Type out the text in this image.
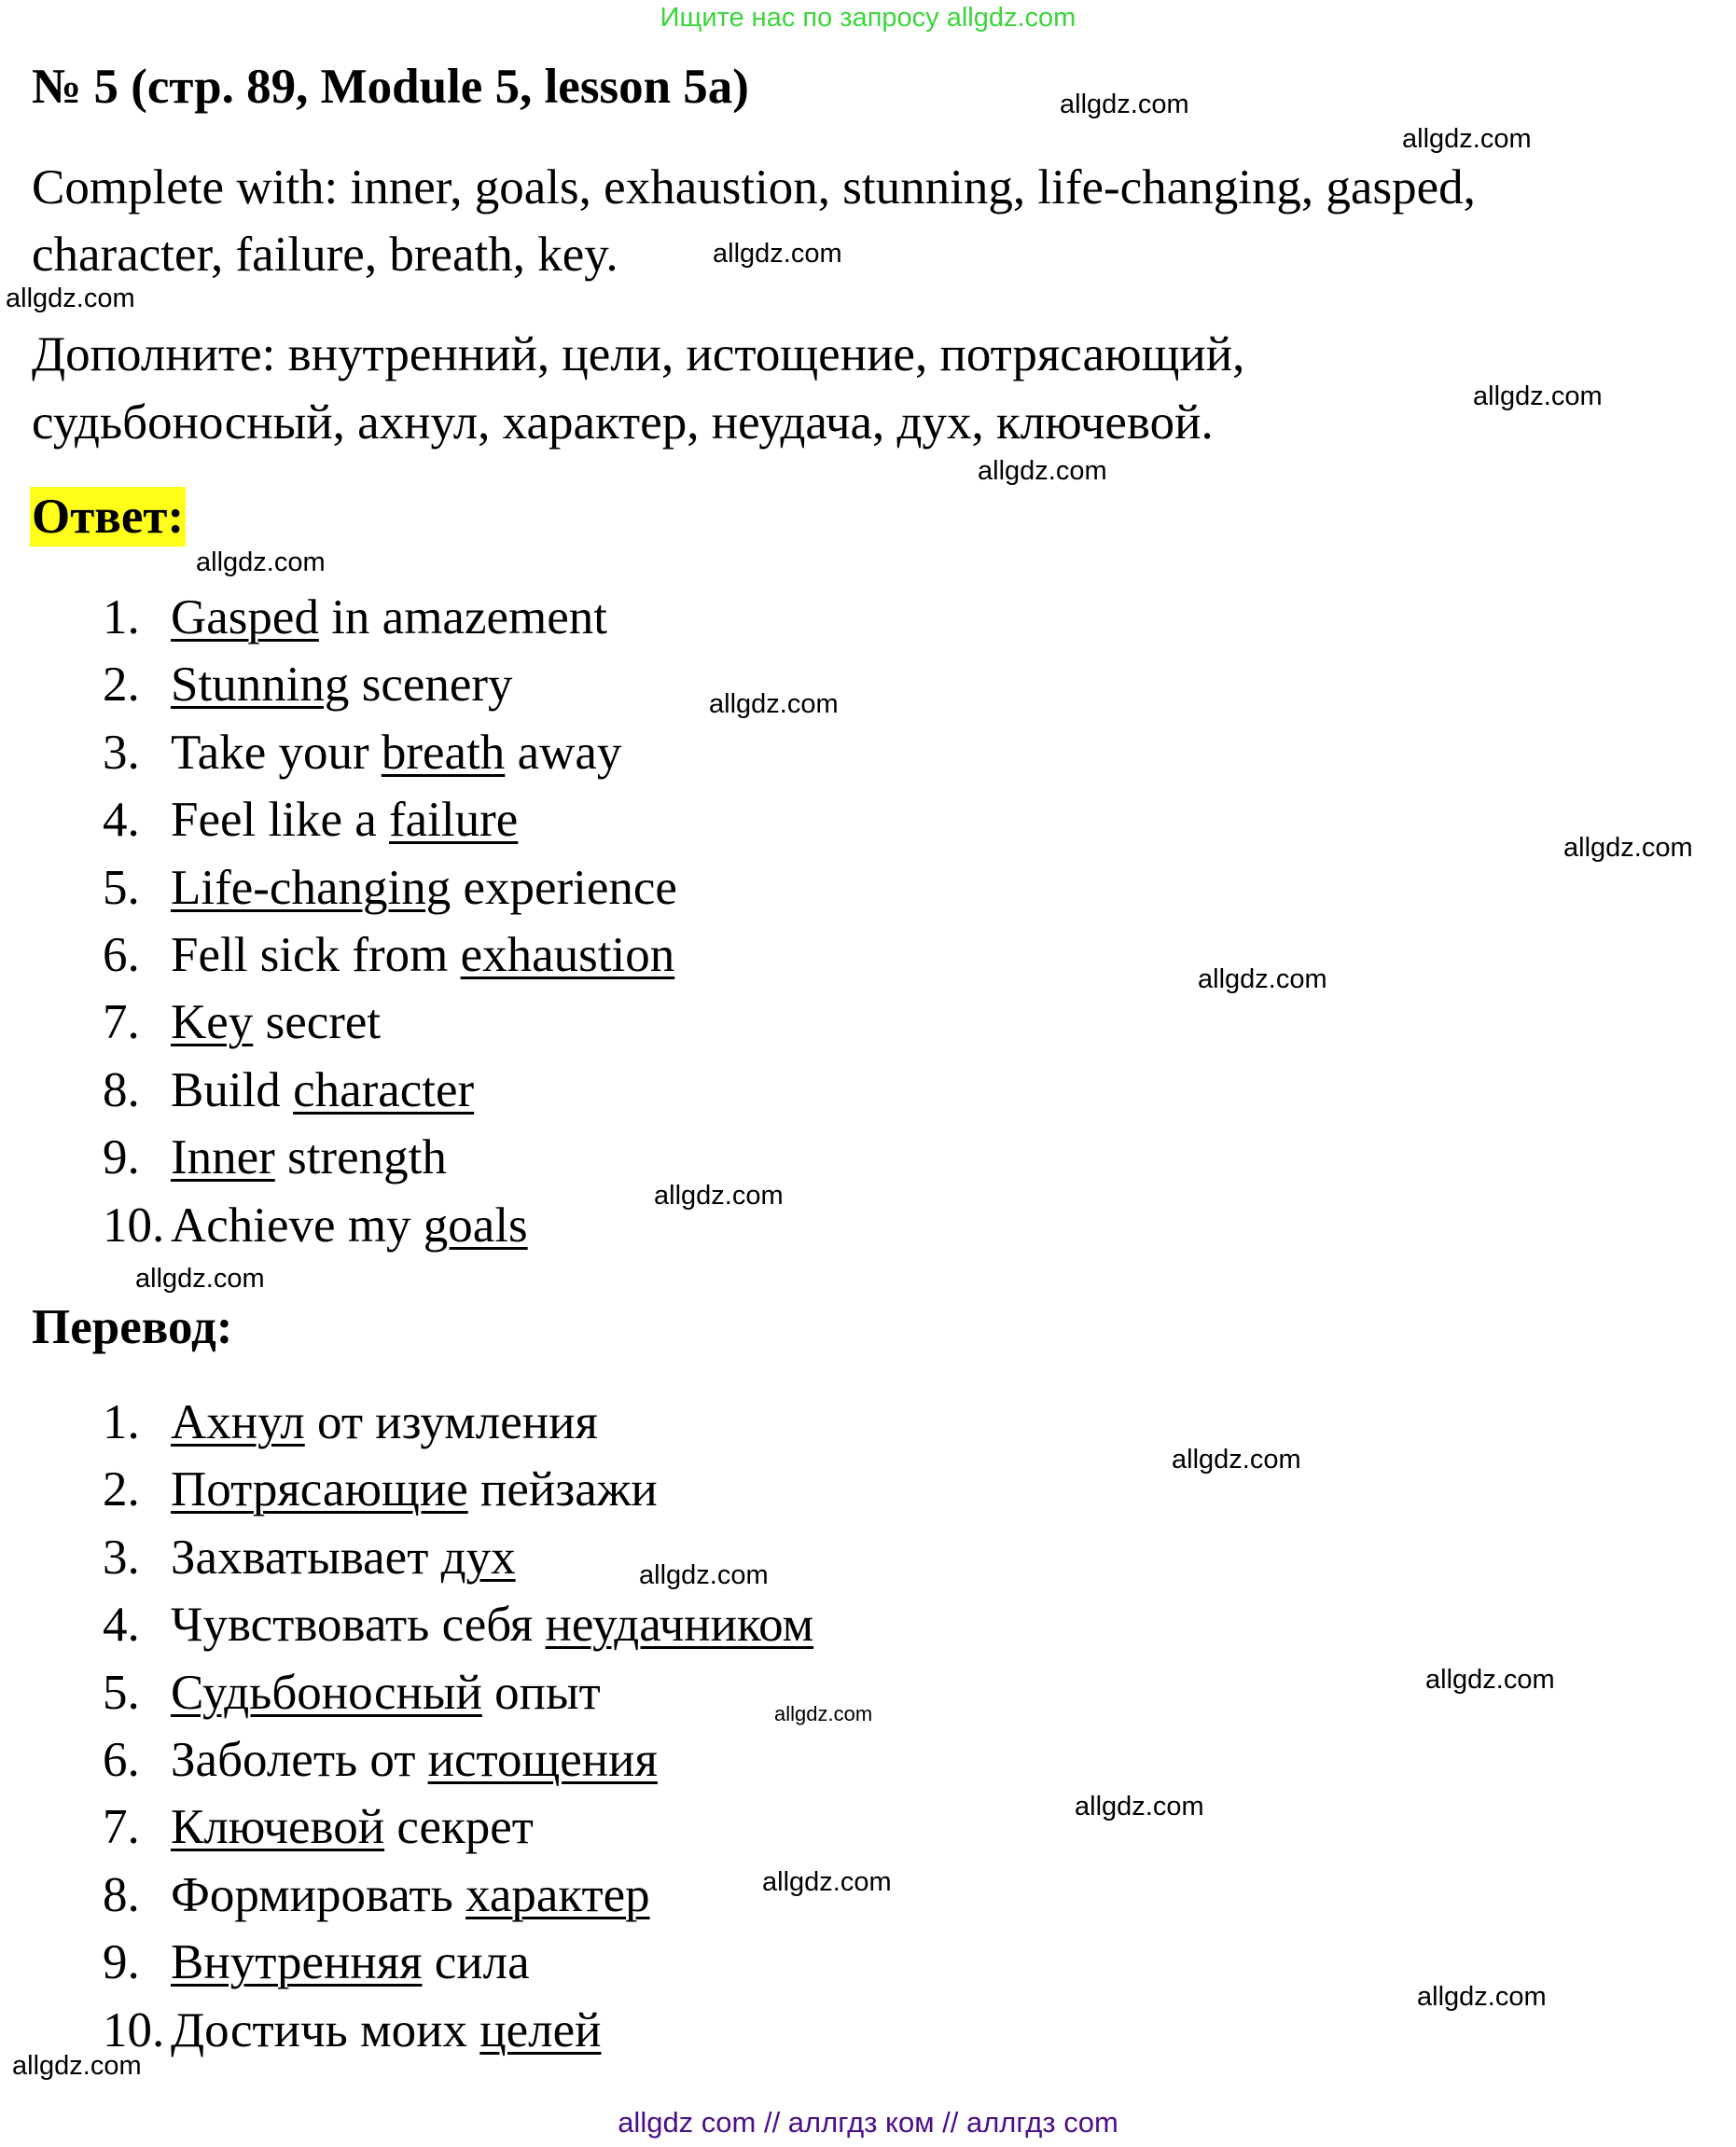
Ищите нас по запросу allgdz.com
№ 5 (стр. 89, Module 5, lesson 5a)
Complete with: inner, goals, exhaustion, stunning, life-changing, gasped,
character, failure, breath, key.
Дополните: внутренний, цели, истощение, потрясающий,
судьбоносный, ахнул, характер, неудача, дух, ключевой.
Ответ:
1. Gasped in amazement
2. Stunning scenery
3. Take your breath away
4. Feel like a failure
5. Life-changing experience
6. Fell sick from exhaustion
7. Key secret
8. Build character
9. Inner strength
10. Achieve my goals
Перевод:
1. Ахнул от изумления
2. Потрясающие пейзажи
3. Захватывает дух
4. Чувствовать себя неудачником
5. Судьбоносный опыт
6. Заболеть от истощения
7. Ключевой секрет
8. Формировать характер
9. Внутренняя сила
10. Достичь моих целей
allgdz.com
allgdz.com
allgdz.com
allgdz.com
allgdz.com
allgdz.com
allgdz.com
allgdz.com
allgdz.com
allgdz.com
allgdz.com
allgdz.com
allgdz.com
allgdz.com
allgdz.com
allgdz.com
allgdz.com
allgdz.com
allgdz.com
allgdz.com
allgdz com // аллгдз ком // аллгдз com
